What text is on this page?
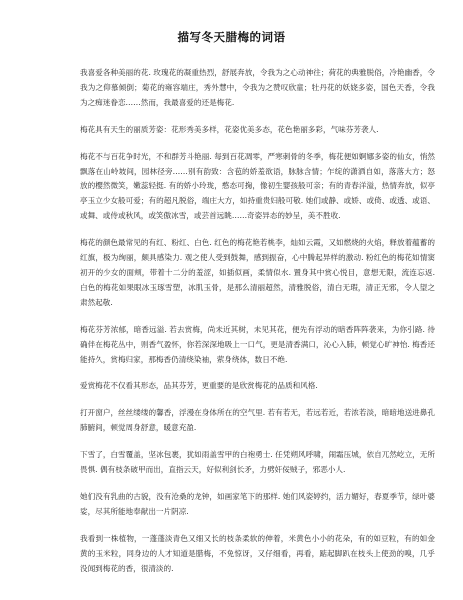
描写冬天腊梅的词语

我喜爱各种美丽的花. 玫瑰花的凝重热烈，舒展奔放，令我为之心动神往；荷花的典雅脱俗，冷艳幽香，令我为之仰慕倾倒；菊花的雍容端庄，秀外慧中，令我为之赞叹欣童；牡丹花的妖娆多姿，国色天香，令我为之痴迷眷恋……然而，我最喜爱的还是梅花.

梅花具有天生的丽质芳姿：花形秀美多样，花姿优美多态，花色艳丽多彩，气味芬芳袭人.

梅花不与百花争时光，不和群芳斗艳丽. 每到百花凋零，严寒刺骨的冬季，梅花便如婀娜多姿的仙女，悄然飘落在山岭坡间，园林径旁……别有韵致：含苞的娇羞欲语，脉脉含情；乍绽的潇洒自如，落落大方；怒放的樱然微笑，嫩蕊轻挺. 有的娇小玲珑，憨态可掬，像初生婴孩般可亲；有的青春洋溢，热情奔放，似亭亭玉立少女般可爱；有的超凡脱俗，端庄大方，如持重贵妇般可敬. 她们或静、或娇、或倚、或透、或语、或舞、或侍或秋风，或笑傲冰雪，或芸首远眺……奇姿异态的妙呈，美不胜收.

梅花的颜色最常见的有红、粉红、白色. 红色的梅花艳若桃李，灿如云霞，又如燃烧的火焰，释放着蕴蓄的红旗，极为绚丽，颇具感染力. 观之使人受到鼓舞，感到振奋，心中腾起异样的激动. 粉红色的梅花如情窦初开的少女的面颊，带着十二分的羞涩，如插似画，柔情似水. 置身其中赏心悦目，意想无限，流连忘返. 白色的梅花如果眼冰玉琢雪塑，冰肌玉骨，是那么清丽超然，清雅脱俗，清白无瑕，清正无邪，令人望之肃然起敬.

梅花芬芳浓郁，暗香远溢. 若去赏梅，尚未近其树，未见其花，便先有浮动的暗香阵阵袭来，为你引路. 待确伴在梅花丛中，则香气盈怀，你若深深地吸上一口气，更是清香满口，沁心入肺，顿觉心旷神怡. 梅香还能持久，赏梅归家，那梅香仍清绕染袖，萦身绕体，数日不绝.

爱赏梅花不仅看其形态，品其芬芳，更重要的是欣赏梅花的品质和风格.

打开窗户，丝丝缕缕的馨香，浮漫在身体所在的空气里. 若有若无，若远若近，若浓若淡，暗暗地送进鼻孔肺腑间，顿觉周身舒意，暖意充盈.

下雪了，白雪覆盖，坚冰包裹，犹如雨盖雪甲的白袍勇士. 任凭朔风呼啸，闹霜压城，依自兀然屹立，无所畏惧. 偶有枝条破甲而出，直指云天，好似利剑长矛，力劈奸佞贼子，邪恶小人.

她们没有乳曲的古貌，没有沧桑的龙钟，如画家笔下的那样. 她们风姿婷约，活力媚好，春夏季节，绿叶婆娑，尽其所能地奉献出一片阴凉.

我看到一株植物，一蓬蓬淡青色又细又长的枝条柔软的伸着，米黄色小小的花朵，有的如豆粒，有的如金黄的玉米粒，同身边的人才知道是腊梅，不免惊讶，又仔细看，再看，踮起脚趴在枝头上使劲的嗅，几乎没闻到梅花的香，很清淡的.
